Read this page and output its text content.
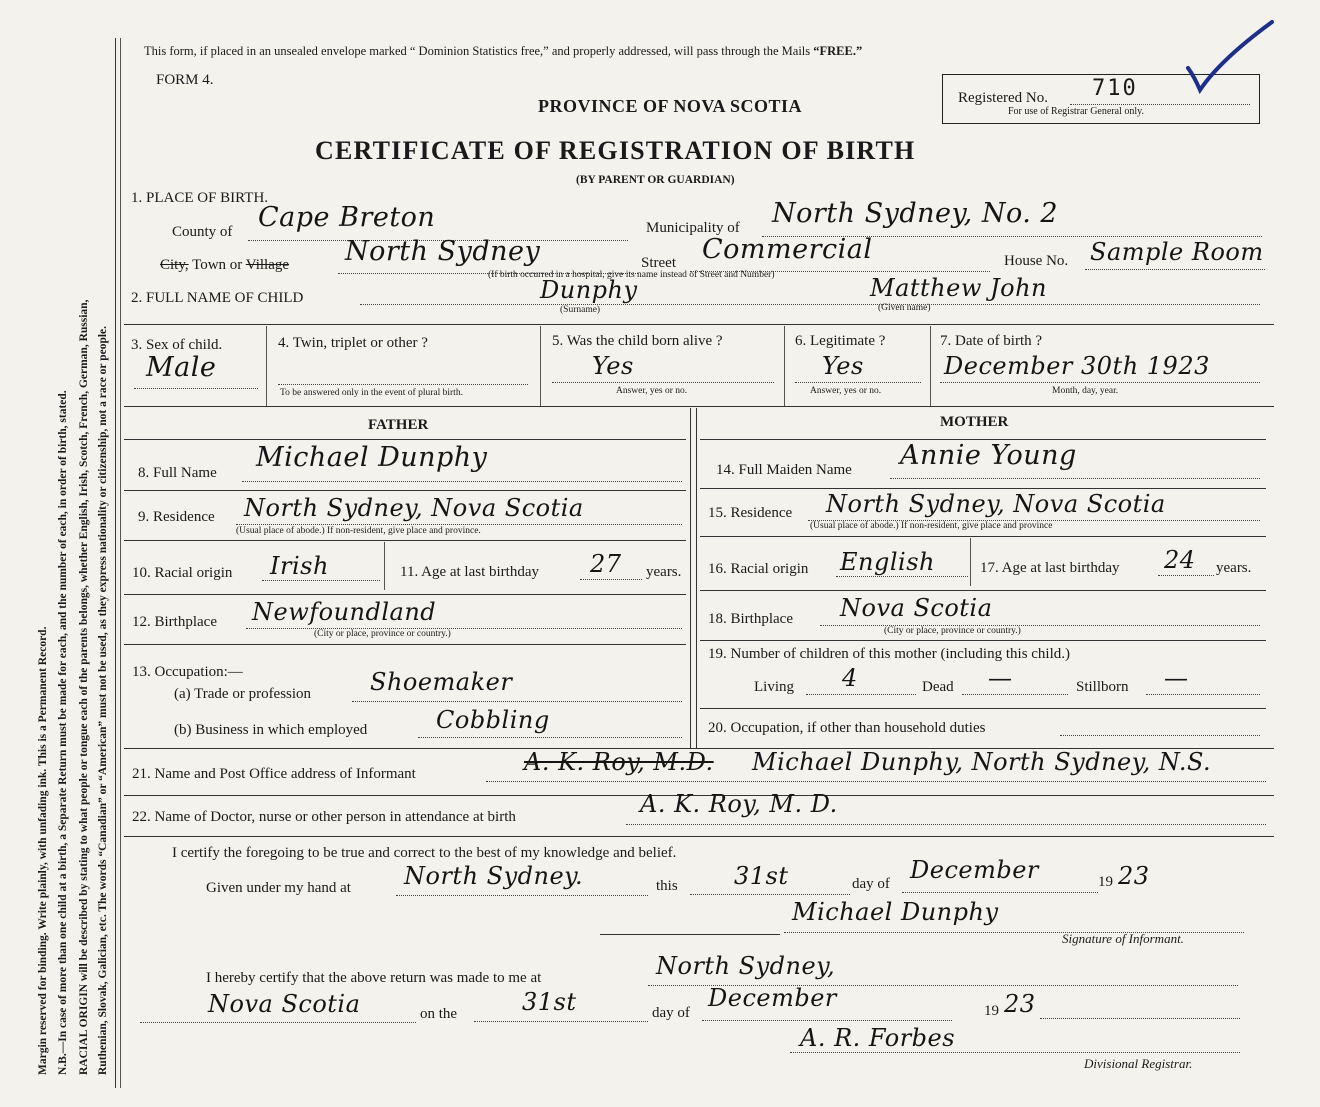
Margin reserved for binding. Write plainly, with unfading ink. This is a Permanent Record. N.B.—In case of more than one child at a birth, a Separate Return must be made for each, and the number of each, in order of birth, stated. RACIAL ORIGIN will be described by stating to what people or tongue each of the parents belongs, whether English, Irish, Scotch, French, German, Russian, Ruthenian, Slovak, Galician, etc. The words “Canadian” or “American” must not be used, as they express nationality or citizenship, not a race or people.
This form, if placed in an unsealed envelope marked “ Dominion Statistics free,” and properly addressed, will pass through the Mails “FREE.”
FORM 4.
PROVINCE OF NOVA SCOTIA
CERTIFICATE OF REGISTRATION OF BIRTH
(BY PARENT OR GUARDIAN)
Registered No. 710
For use of Registrar General only.
1. PLACE OF BIRTH.
County of Cape Breton	Municipality of North Sydney, No. 2
City, Town or Village North Sydney	Street Commercial
(If birth occurred in a hospital, give its name instead of Street and Number)
House No. Sample Room
2. FULL NAME OF CHILD	Dunphy
(Surname)
Matthew John
(Given name)
3. Sex of child.
Male
4. Twin, triplet or other ?
To be answered only in the event of plural birth.
5. Was the child born alive ?
Yes
Answer, yes or no.
6. Legitimate ?
Yes
Answer, yes or no.
7. Date of birth ?
December 30th 1923
Month, day, year.
FATHER	MOTHER
8. Full Name Michael Dunphy	14. Full Maiden Name Annie Young
9. Residence North Sydney, Nova Scotia
(Usual place of abode.) If non-resident, give place and province.
15. Residence North Sydney, Nova Scotia
(Usual place of abode.) If non-resident, give place and province
10. Racial origin Irish	11. Age at last birthday 27 years. 16. Racial origin English	17. Age at last birthday 24 years.
12. Birthplace Newfoundland
(City or place, province or country.)
18. Birthplace Nova Scotia
(City or place, province or country.)
13. Occupation:—
(a) Trade or profession Shoemaker
(b) Business in which employed	Cobbling
19. Number of children of this mother (including this child.)
Living 4	Dead —	Stillborn —
20. Occupation, if other than household duties
21. Name and Post Office address of Informant	A. K. Roy, M.D. Michael Dunphy, North Sydney, N.S.
22. Name of Doctor, nurse or other person in attendance at birth	A. K. Roy, M. D.
I certify the foregoing to be true and correct to the best of my knowledge and belief.
Given under my hand at North Sydney.	this 31st	day of December	19 23
Michael Dunphy
Signature of Informant.
I hereby certify that the above return was made to me at	North Sydney,
Nova Scotia	on the	31st	day of
December	19 23
A. R. Forbes
Divisional Registrar.
